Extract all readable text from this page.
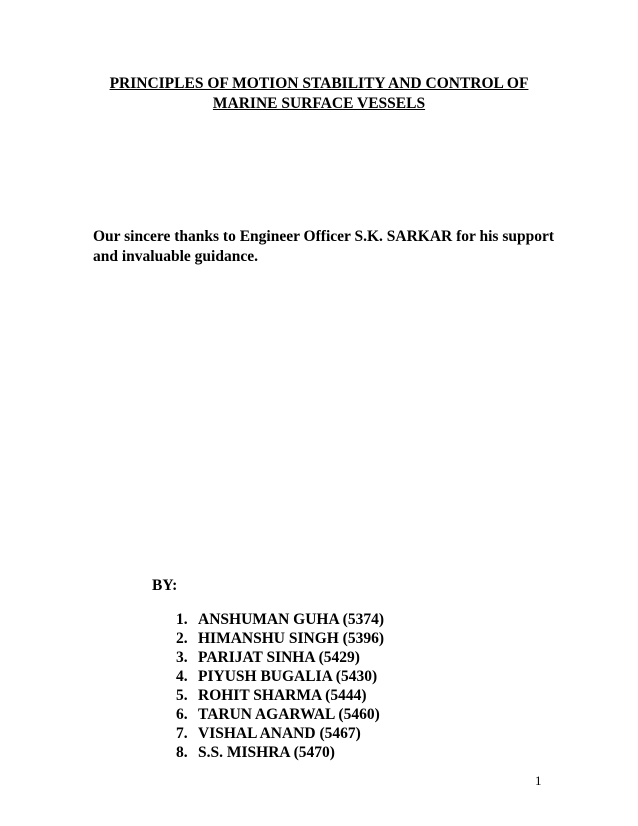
PRINCIPLES OF MOTION STABILITY AND CONTROL OF
MARINE SURFACE VESSELS
Our sincere thanks to Engineer Officer S.K. SARKAR for his support
and invaluable guidance.
BY:
1. ANSHUMAN GUHA (5374)
2. HIMANSHU SINGH (5396)
3. PARIJAT SINHA (5429)
4. PIYUSH BUGALIA (5430)
5. ROHIT SHARMA (5444)
6. TARUN AGARWAL (5460)
7. VISHAL ANAND (5467)
8. S.S. MISHRA (5470)
1
